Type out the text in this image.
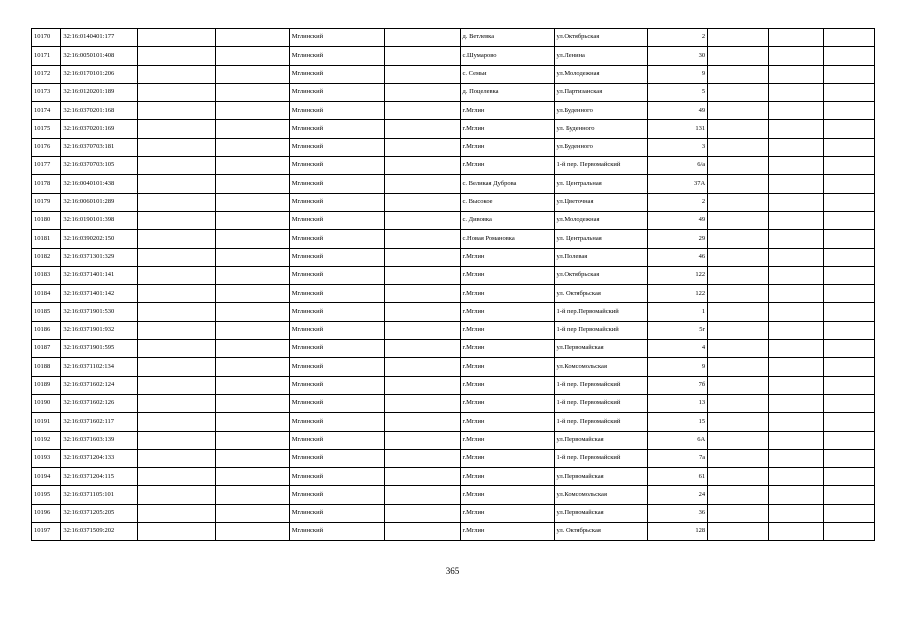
10170	32:16:0140401:177			Мглинский		д. Ветлевка	ул.Октябрьская	2			
10171	32:16:0050101:408			Мглинский		с.Шумарово	ул.Ленина	30			
10172	32:16:0170101:206			Мглинский		с. Семьи	ул.Молодежная	9			
10173	32:16:0120201:189			Мглинский		д. Поцелевка	ул.Партизанская	5			
10174	32:16:0370201:168			Мглинский		г.Мглин	ул.Буденного	49			
10175	32:16:0370201:169			Мглинский		г.Мглин	ул. Буденного	131			
10176	32:16:0370703:181			Мглинский		г.Мглин	ул.Буденного	3			
10177	32:16:0370703:105			Мглинский		г.Мглин	1-й пер. Первомайский	6/a			
10178	32:16:0040101:438			Мглинский		с. Великая Дуброва	ул. Центральная	37А			
10179	32:16:0060101:289			Мглинский		с. Высокое	ул.Цветочная	2			
10180	32:16:0190101:398			Мглинский		с. Дивовка	ул.Молодежная	49			
10181	32:16:0390202:150			Мглинский		с.Новая Романовка	ул. Центральная	29			
10182	32:16:0371301:329			Мглинский		г.Мглин	ул.Полевая	46			
10183	32:16:0371401:141			Мглинский		г.Мглин	ул.Октябрьская	122			
10184	32:16:0371401:142			Мглинский		г.Мглин	ул. Октябрьская	122			
10185	32:16:0371901:530			Мглинский		г.Мглин	1-й пер.Первомайский	1			
10186	32:16:0371901:932			Мглинский		г.Мглин	1-й пер Первомайский	5г			
10187	32:16:0371901:595			Мглинский		г.Мглин	ул.Первомайская	4			
10188	32:16:0371102:134			Мглинский		г.Мглин	ул.Комсомольская	9			
10189	32:16:0371602:124			Мглинский		г.Мглин	1-й пер. Первомайский	7б			
10190	32:16:0371602:126			Мглинский		г.Мглин	1-й пер. Первомайский	13			
10191	32:16:0371602:117			Мглинский		г.Мглин	1-й пер. Первомайский	15			
10192	32:16:0371603:139			Мглинский		г.Мглин	ул.Первомайская	6А			
10193	32:16:0371204:133			Мглинский		г.Мглин	1-й пер. Первомайский	7а			
10194	32:16:0371204:115			Мглинский		г.Мглин	ул.Первомайская	61			
10195	32:16:0371105:101			Мглинский		г.Мглин	ул.Комсомольская	24			
10196	32:16:0371205:205			Мглинский		г.Мглин	ул.Первомайская	36			
10197	32:16:0371509:202			Мглинский		г.Мглин	ул. Октябрьская	128			
365
